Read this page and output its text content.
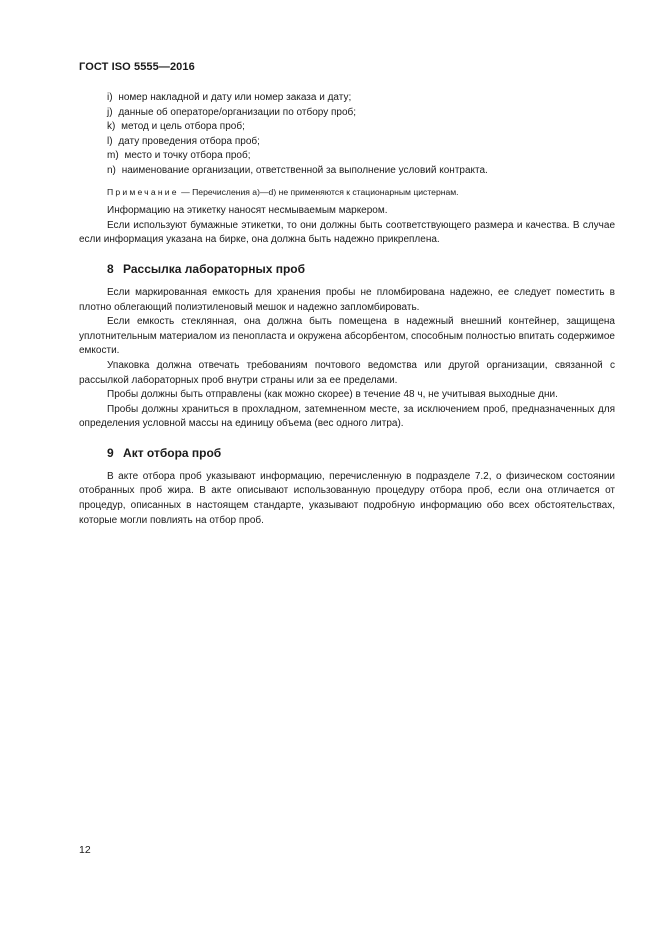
ГОСТ ISO 5555—2016
i) номер накладной и дату или номер заказа и дату;
j) данные об операторе/организации по отбору проб;
k) метод и цель отбора проб;
l) дату проведения отбора проб;
m) место и точку отбора проб;
n) наименование организации, ответственной за выполнение условий контракта.
Примечание — Перечисления a)—d) не применяются к стационарным цистернам.
Информацию на этикетку наносят несмываемым маркером.
Если используют бумажные этикетки, то они должны быть соответствующего размера и качества. В случае если информация указана на бирке, она должна быть надежно прикреплена.
8 Рассылка лабораторных проб
Если маркированная емкость для хранения пробы не пломбирована надежно, ее следует поместить в плотно облегающий полиэтиленовый мешок и надежно запломбировать.
Если емкость стеклянная, она должна быть помещена в надежный внешний контейнер, защищена уплотнительным материалом из пенопласта и окружена абсорбентом, способным полностью впитать содержимое емкости.
Упаковка должна отвечать требованиям почтового ведомства или другой организации, связанной с рассылкой лабораторных проб внутри страны или за ее пределами.
Пробы должны быть отправлены (как можно скорее) в течение 48 ч, не учитывая выходные дни.
Пробы должны храниться в прохладном, затемненном месте, за исключением проб, предназначенных для определения условной массы на единицу объема (вес одного литра).
9 Акт отбора проб
В акте отбора проб указывают информацию, перечисленную в подразделе 7.2, о физическом состоянии отобранных проб жира. В акте описывают использованную процедуру отбора проб, если она отличается от процедур, описанных в настоящем стандарте, указывают подробную информацию обо всех обстоятельствах, которые могли повлиять на отбор проб.
12
